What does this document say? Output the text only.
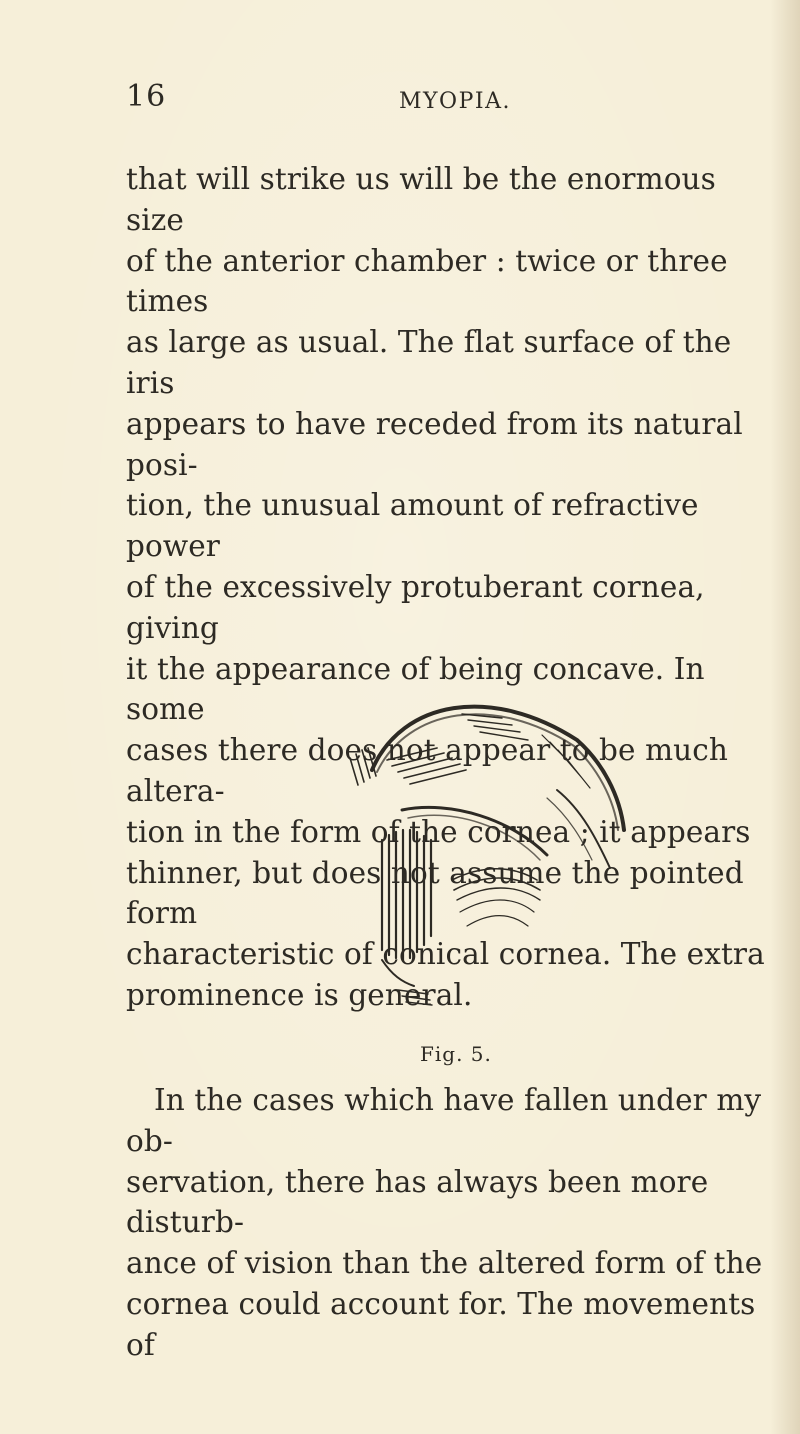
16	MYOPIA.

that will strike us will be the enormous size
of the anterior chamber : twice or three times
as large as usual. The flat surface of the iris
appears to have receded from its natural posi-
tion, the unusual amount of refractive power
of the excessively protuberant cornea, giving
it the appearance of being concave. In some
cases there does not appear to be much altera-
tion in the form of the cornea ; it appears
thinner, but does not assume the pointed form
characteristic of conical cornea. The extra
prominence is general.

Fig. 5.

In the cases which have fallen under my ob-
servation, there has always been more disturb-
ance of vision than the altered form of the
cornea could account for. The movements of
